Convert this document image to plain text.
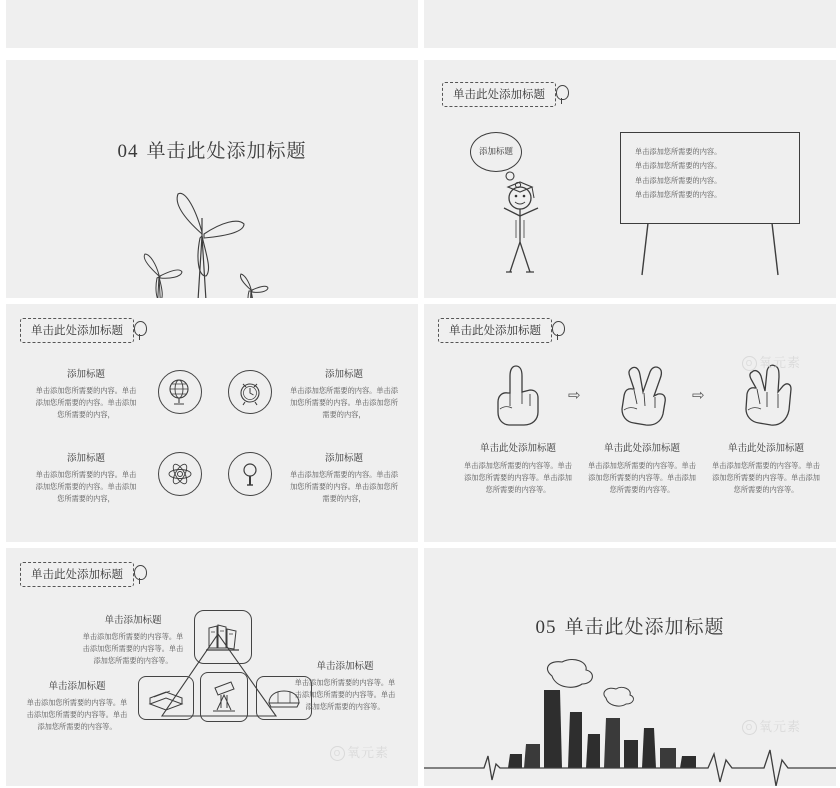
04 单击此处添加标题
单击此处添加标题
添加标题	单击添加您所需要的内容。
单击添加您所需要的内容。
单击添加您所需要的内容。
单击添加您所需要的内容。
单击此处添加标题
添加标题
单击添加您所需要的内容。单击添加您所需要的内容。单击添加您所需要的内容，
添加标题
单击添加您所需要的内容。单击添加您所需要的内容。单击添加您所需要的内容，
添加标题
单击添加您所需要的内容。单击添加您所需要的内容。单击添加您所需要的内容，
添加标题
单击添加您所需要的内容。单击添加您所需要的内容。单击添加您所需要的内容，
单击此处添加标题
⇨	⇨
单击此处添加标题
单击添加您所需要的内容等。单击添加您所需要的内容等。单击添加您所需要的内容等。
单击此处添加标题
单击添加您所需要的内容等。单击添加您所需要的内容等。单击添加您所需要的内容等。
单击此处添加标题
单击添加您所需要的内容等。单击添加您所需要的内容等。单击添加您所需要的内容等。
单击此处添加标题
单击添加标题
单击添加您所需要的内容等。单击添加您所需要的内容等。单击添加您所需要的内容等。
单击添加标题
单击添加您所需要的内容等。单击添加您所需要的内容等。单击添加您所需要的内容等。
单击添加标题
单击添加您所需要的内容等。单击添加您所需要的内容等。单击添加您所需要的内容等。
05 单击此处添加标题
O 氧元素
O 氧元素
O 氧元素
